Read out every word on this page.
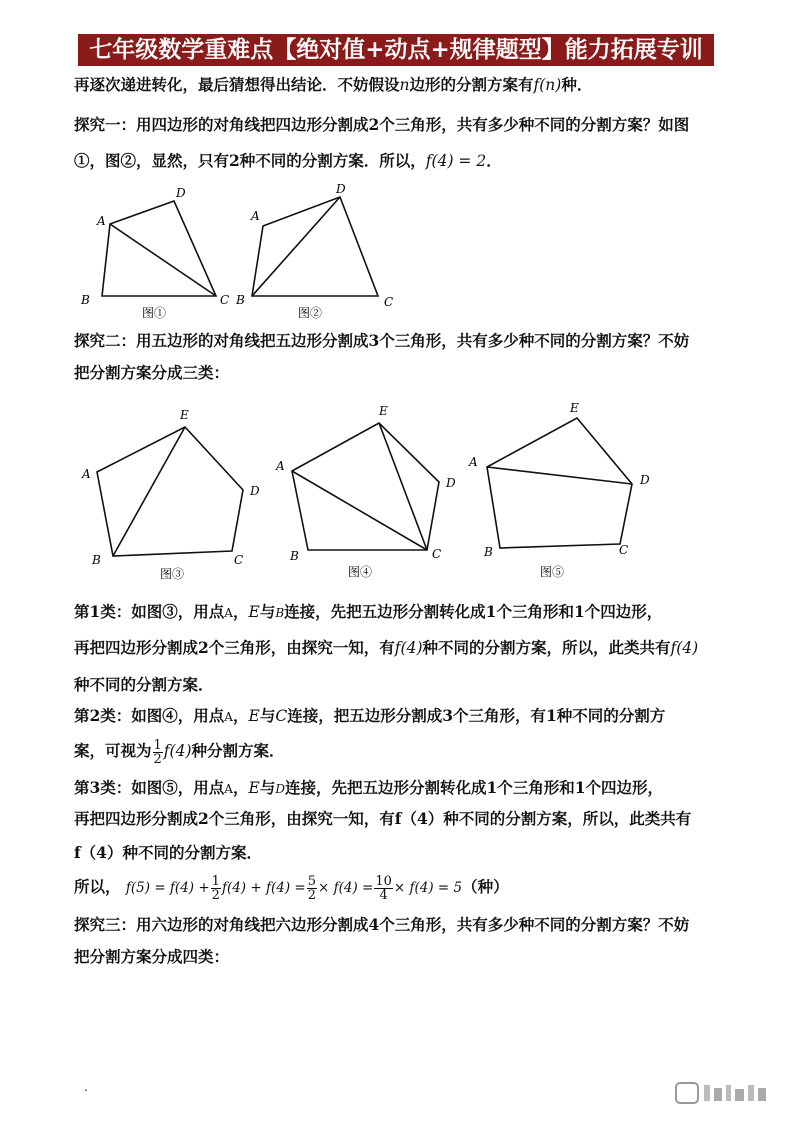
七年级数学重难点【绝对值+动点+规律题型】能力拓展专训
再逐次递进转化，最后猜想得出结论．不妨假设n边形的分割方案有f(n)种．
探究一：用四边形的对角线把四边形分割成2个三角形，共有多少种不同的分割方案？如图
①，图②，显然，只有2种不同的分割方案．所以，f(4) = 2．
A
D
B	C
图①
A
D
B	C
图②
探究二：用五边形的对角线把五边形分割成3个三角形，共有多少种不同的分割方案？不妨
把分割方案分成三类：
A
E
D
B	C
图③
A
E
D
B	C
图④
A
E
D
B	C
图⑤
第1类：如图③，用点A，E与B连接，先把五边形分割转化成1个三角形和1个四边形，
再把四边形分割成2个三角形，由探究一知，有f(4)种不同的分割方案，所以，此类共有f(4)
种不同的分割方案．
第2类：如图④，用点A，E与C连接，把五边形分割成3个三角形，有1种不同的分割方
案，可视为 $\frac{1}{2} f(4)$种分割方案．
第3类：如图⑤，用点A，E与D连接，先把五边形分割转化成1个三角形和1个四边形，
再把四边形分割成2个三角形，由探究一知，有f（4）种不同的分割方案，所以，此类共有
f（4）种不同的分割方案．
所以， $f(5) = f(4) + \frac{1}{2} f(4) + f(4) = \frac{5}{2} \times f(4) = \frac{10}{4} \times f(4) = 5$（种）
探究三：用六边形的对角线把六边形分割成4个三角形，共有多少种不同的分割方案？不妨
把分割方案分成四类：
.
